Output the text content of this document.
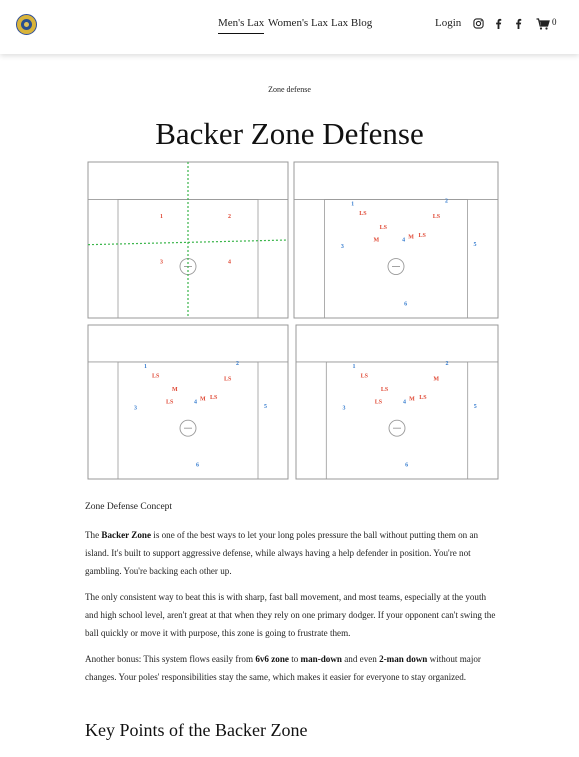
Men's Lax Women's Lax Lax Blog	Login	0
Zone defense
Backer Zone Defense
1	2
3	4
1
2
3
4
5
6
LS
LS
M
LS
M LS
1
2
3
4
5
6
LS
M
LS
LS
M LS
1
2
3
4
5
6
LS
LS
LS
M
M LS
Zone Defense Concept

The Backer Zone is one of the best ways to let your long poles pressure the ball without putting them on an island. It's built to support aggressive defense, while always having a help defender in position. You're not gambling. You're backing each other up.

The only consistent way to beat this is with sharp, fast ball movement, and most teams, especially at the youth and high school level, aren't great at that when they rely on one primary dodger. If your opponent can't swing the ball quickly or move it with purpose, this zone is going to frustrate them.

Another bonus: This system flows easily from 6v6 zone to man-down and even 2-man down without major changes. Your poles' responsibilities stay the same, which makes it easier for everyone to stay organized.

Key Points of the Backer Zone
